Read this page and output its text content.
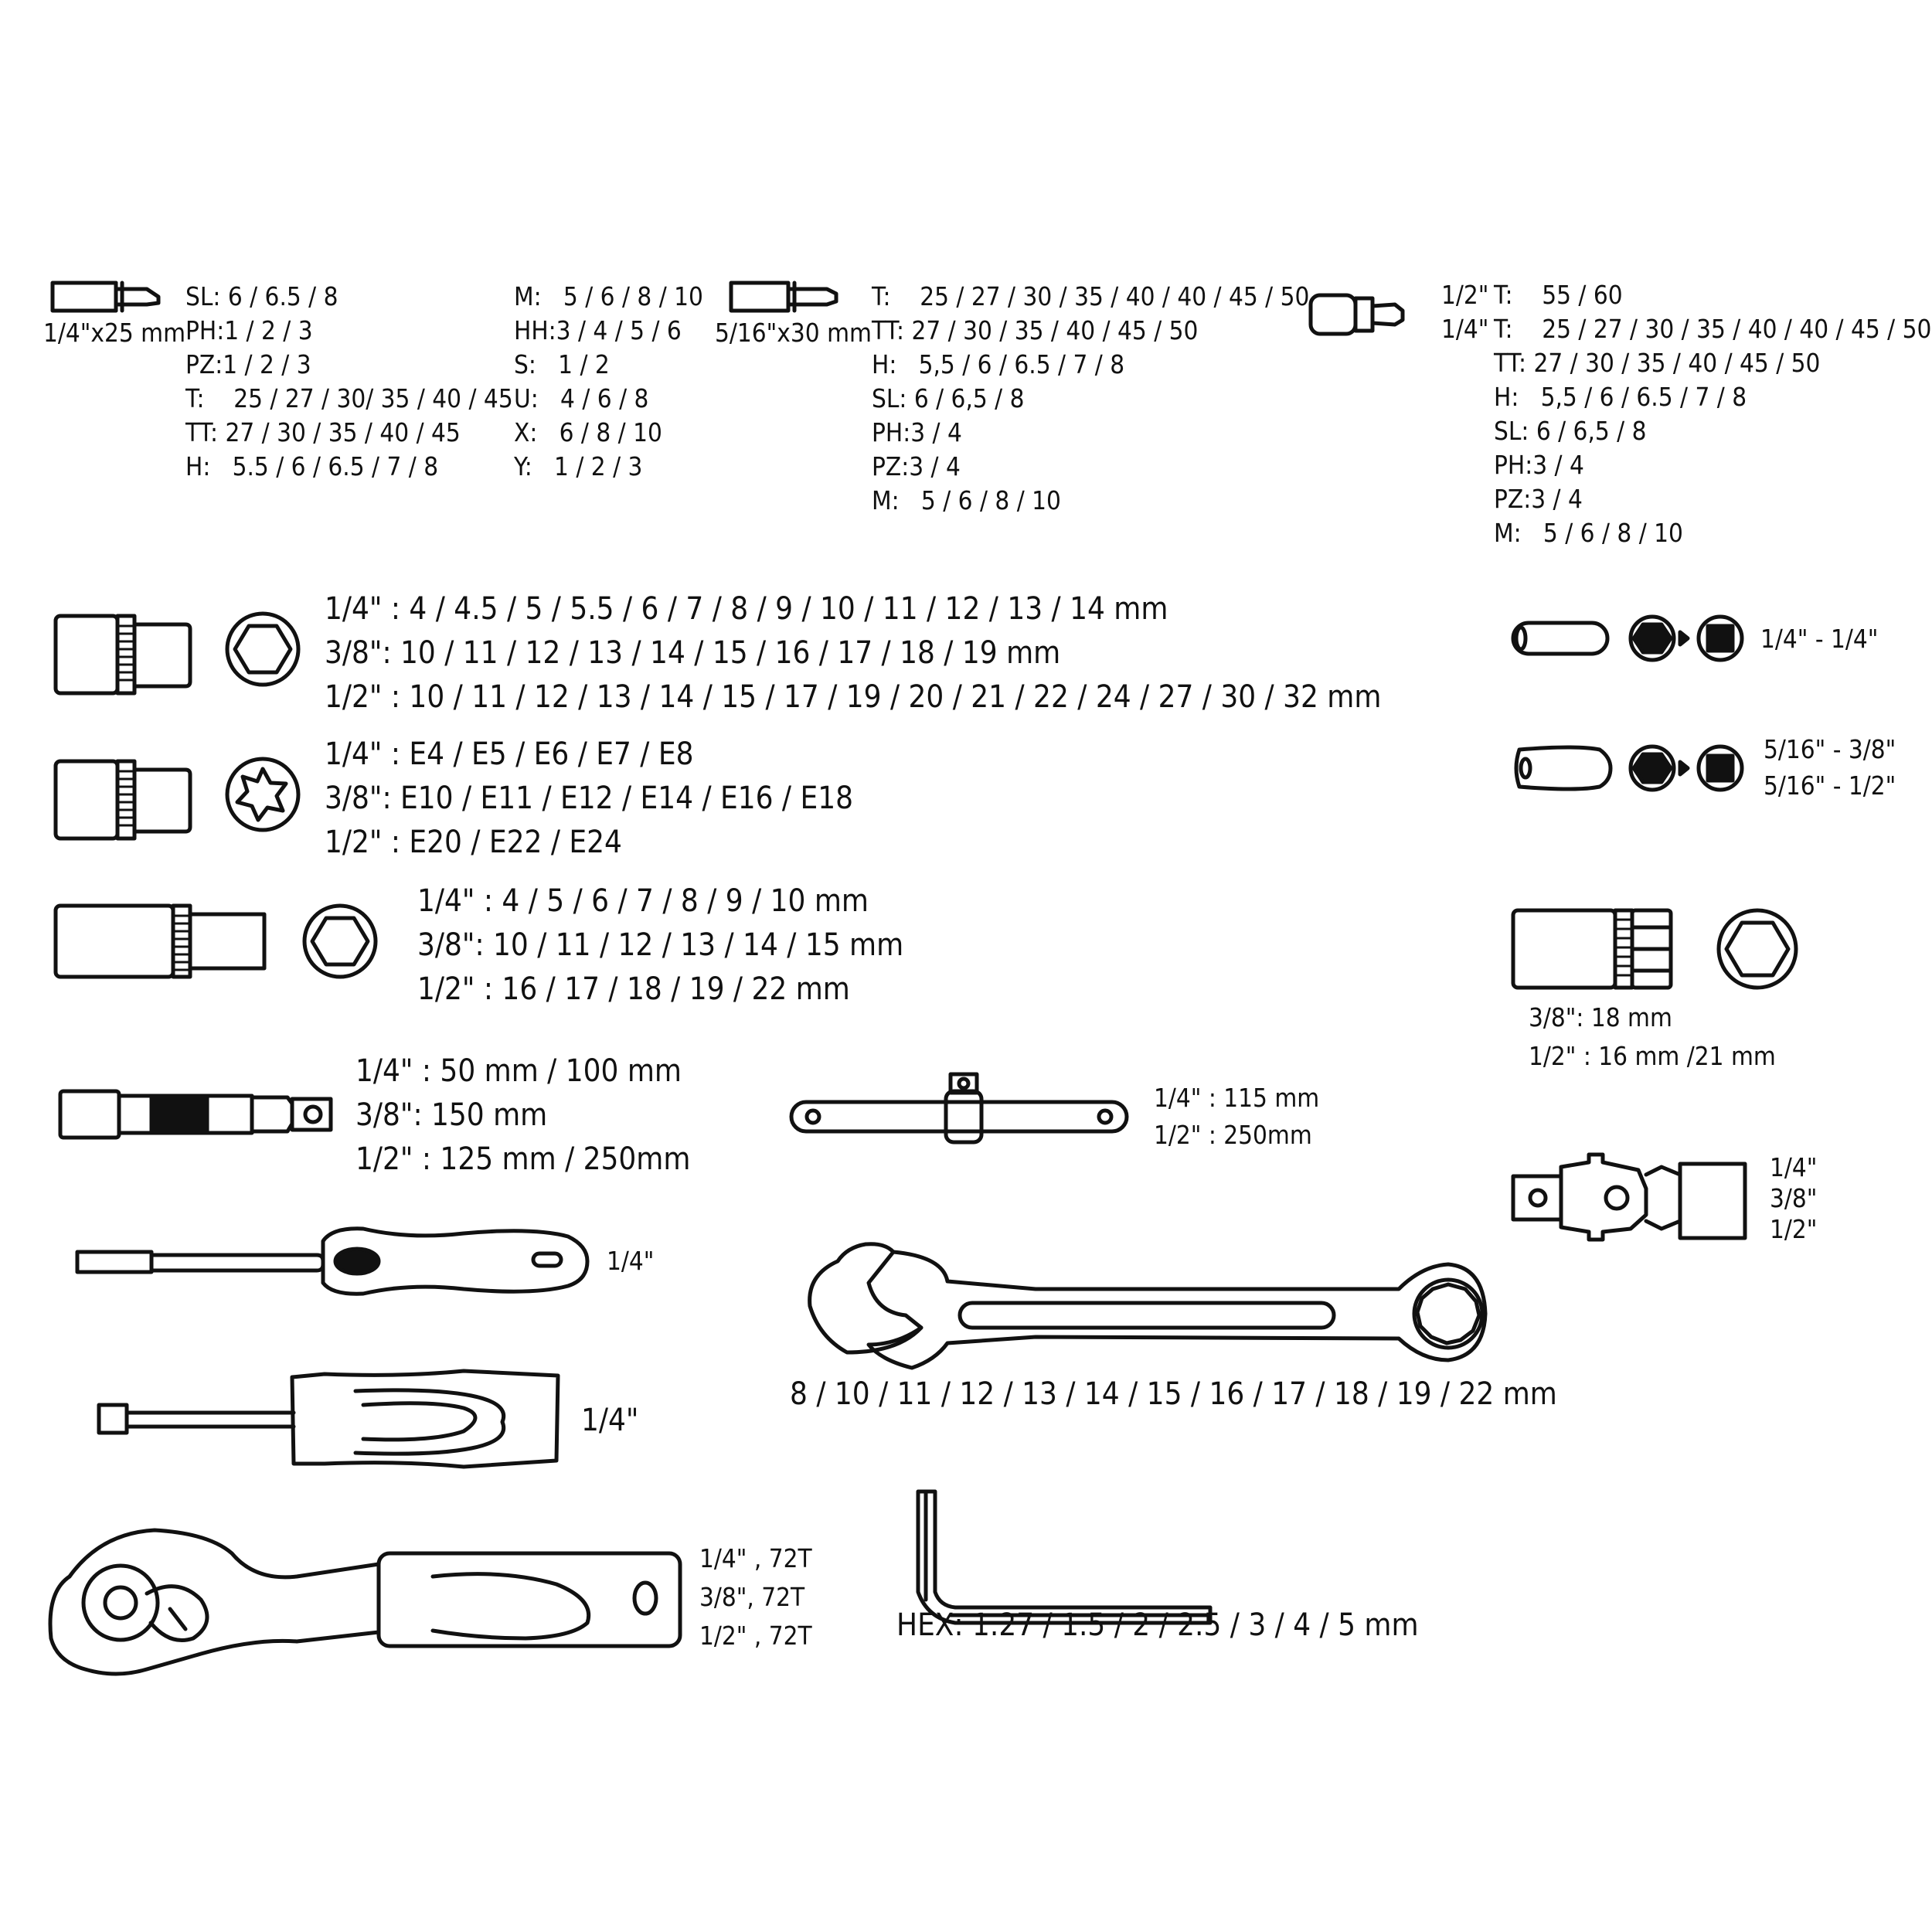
1/4"x25 mm
SL: 6 / 6.5 / 8
PH:1 / 2 / 3
PZ:1 / 2 / 3
T:    25 / 27 / 30/ 35 / 40 / 45
TT: 27 / 30 / 35 / 40 / 45
H:   5.5 / 6 / 6.5 / 7 / 8
M:   5 / 6 / 8 / 10
HH:3 / 4 / 5 / 6
S:   1 / 2
U:   4 / 6 / 8
X:   6 / 8 / 10
Y:   1 / 2 / 3
5/16"x30 mm
T:    25 / 27 / 30 / 35 / 40 / 40 / 45 / 50
TT: 27 / 30 / 35 / 40 / 45 / 50
H:   5,5 / 6 / 6.5 / 7 / 8
SL: 6 / 6,5 / 8
PH:3 / 4
PZ:3 / 4
M:   5 / 6 / 8 / 10
1/2"
1/4"
T:    55 / 60
T:    25 / 27 / 30 / 35 / 40 / 40 / 45 / 50
TT: 27 / 30 / 35 / 40 / 45 / 50
H:   5,5 / 6 / 6.5 / 7 / 8
SL: 6 / 6,5 / 8
PH:3 / 4
PZ:3 / 4
M:   5 / 6 / 8 / 10
1/4" : 4 / 4.5 / 5 / 5.5 / 6 / 7 / 8 / 9 / 10 / 11 / 12 / 13 / 14 mm
3/8": 10 / 11 / 12 / 13 / 14 / 15 / 16 / 17 / 18 / 19 mm
1/2" : 10 / 11 / 12 / 13 / 14 / 15 / 17 / 19 / 20 / 21 / 22 / 24 / 27 / 30 / 32 mm
1/4" : E4 / E5 / E6 / E7 / E8
3/8": E10 / E11 / E12 / E14 / E16 / E18
1/2" : E20 / E22 / E24
1/4" : 4 / 5 / 6 / 7 / 8 / 9 / 10 mm
3/8": 10 / 11 / 12 / 13 / 14 / 15 mm
1/2" : 16 / 17 / 18 / 19 / 22 mm
1/4" : 50 mm / 100 mm
3/8": 150 mm
1/2" : 125 mm / 250mm
1/4"
1/4"
1/4" , 72T
3/8", 72T
1/2" , 72T
1/4" : 115 mm
1/2" : 250mm
8 / 10 / 11 / 12 / 13 / 14 / 15 / 16 / 17 / 18 / 19 / 22 mm
HEX: 1.27 / 1.5 / 2 / 2.5 / 3 / 4 / 5 mm
1/4" - 1/4"
5/16" - 3/8"
5/16" - 1/2"
3/8": 18 mm
1/2" : 16 mm /21 mm
1/4"
3/8"
1/2"
